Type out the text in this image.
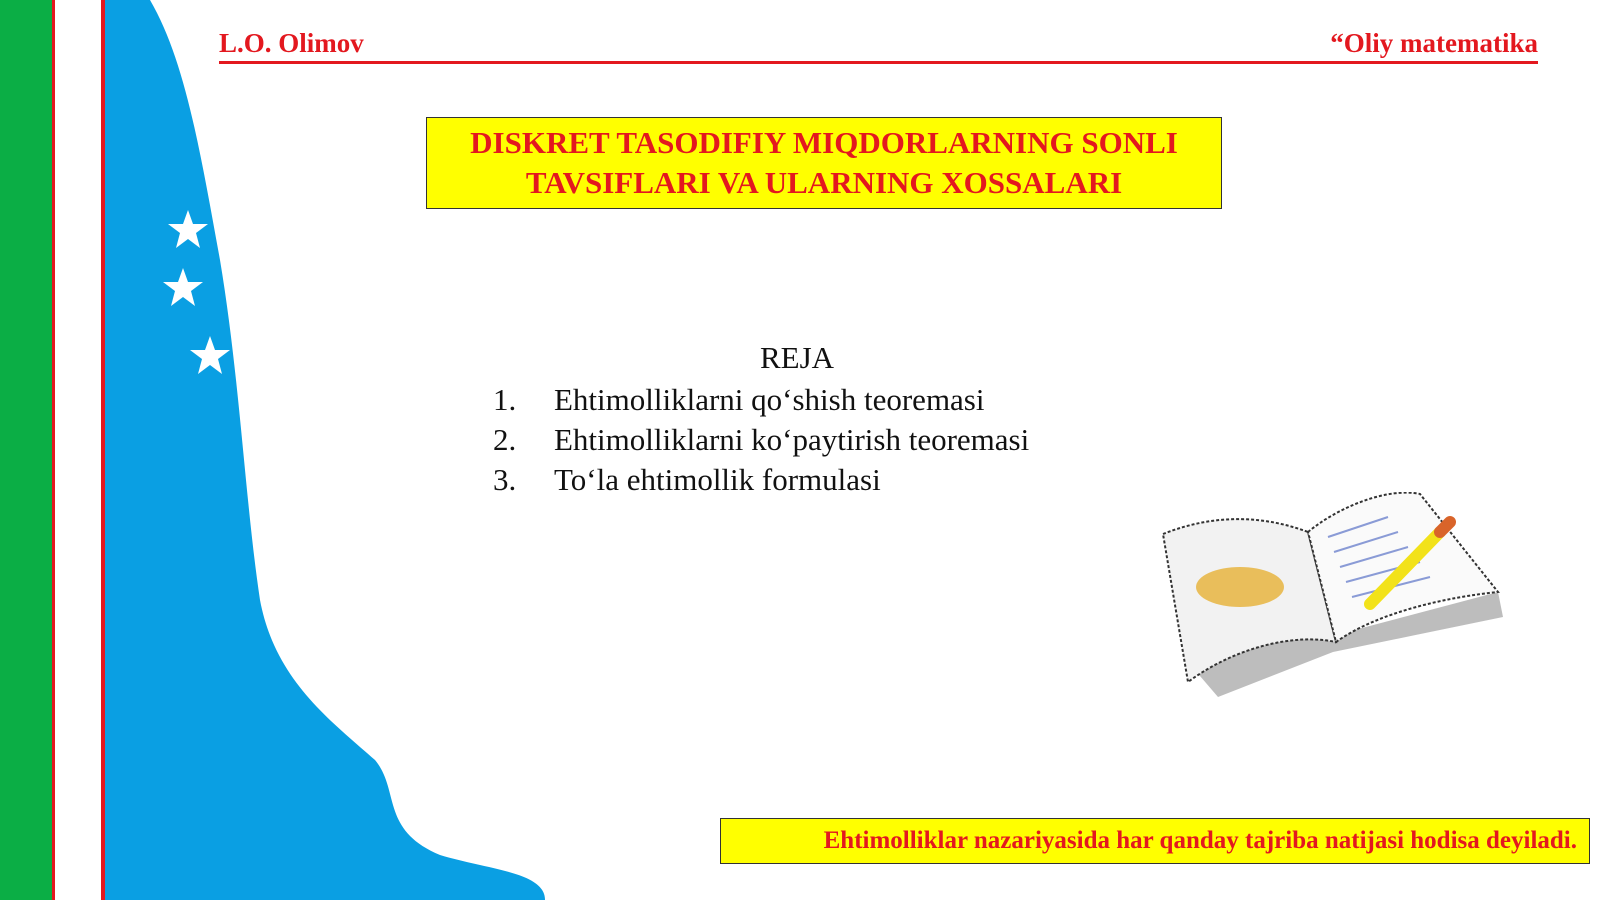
L.O. Olimov	“Oliy matematika
DISKRET TASODIFIY MIQDORLARNING SONLI
TAVSIFLARI VA ULARNING XOSSALARI
REJA
1. Ehtimolliklarni qo‘shish teoremasi
2. Ehtimolliklarni ko‘paytirish teoremasi
3. To‘la ehtimollik formulasi
Ehtimolliklar nazariyasida har qanday tajriba natijasi hodisa deyiladi.
